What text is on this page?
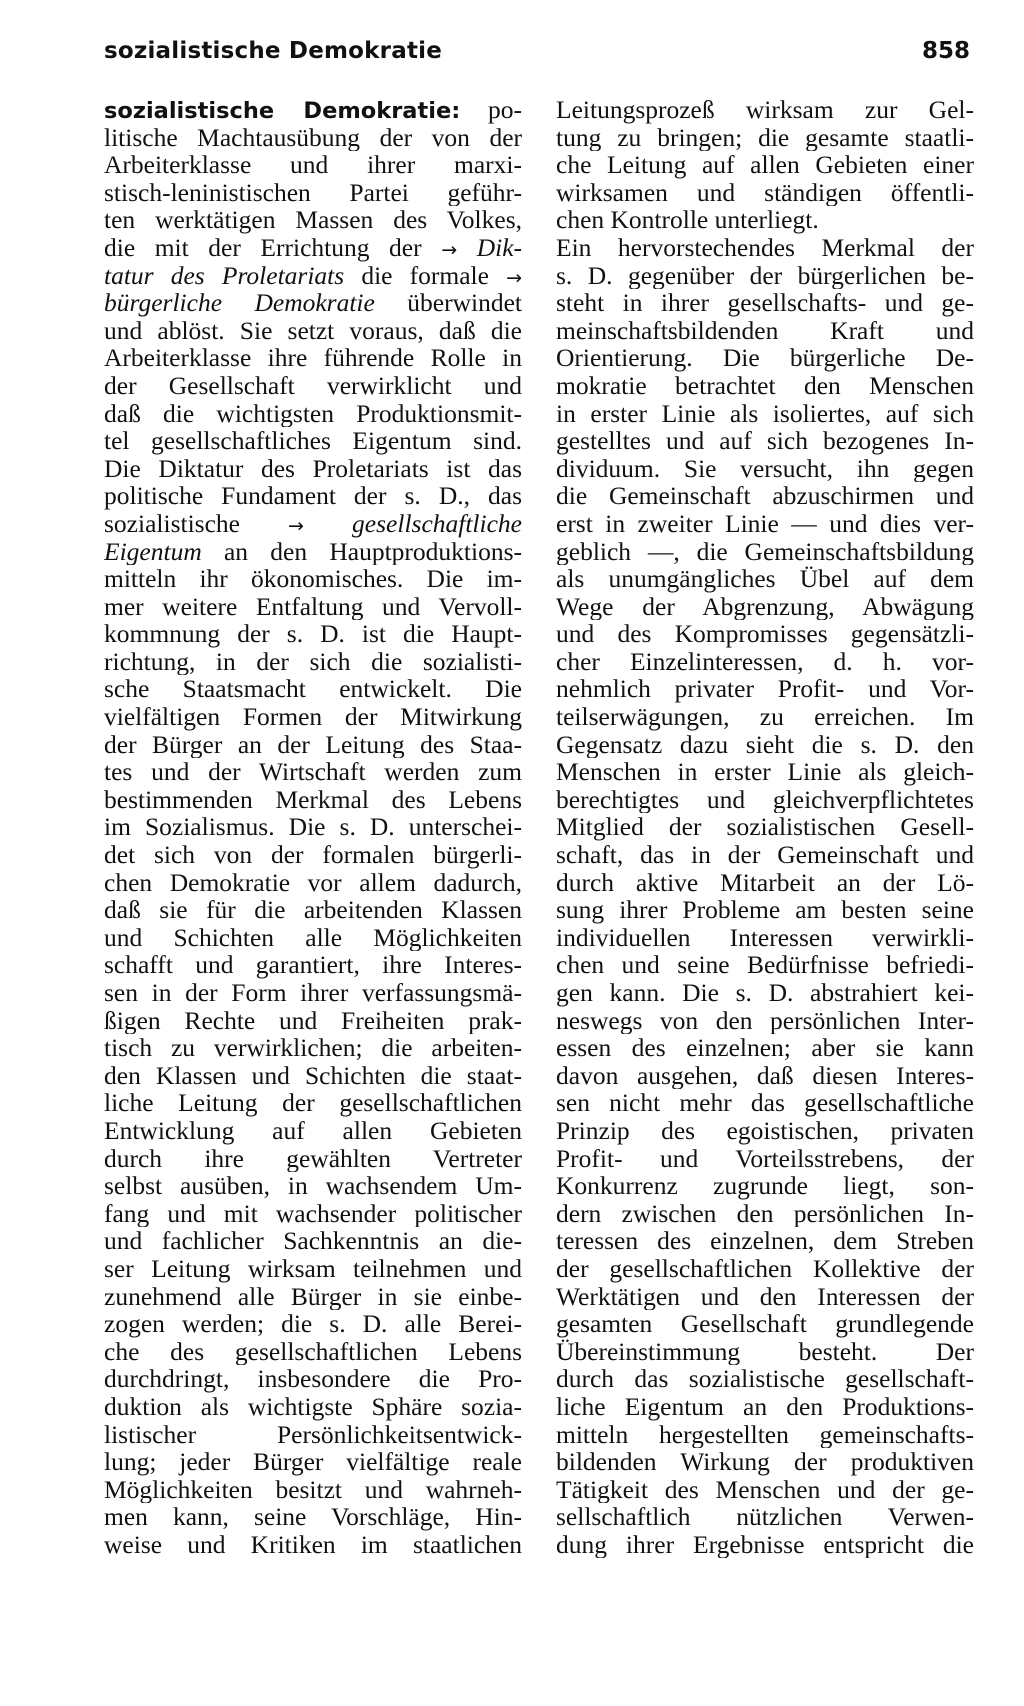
sozialistische Demokratie	858
sozialistische Demokratie: po-
litische Machtausübung der von der
Arbeiterklasse und ihrer marxi-
stisch-leninistischen Partei geführ-
ten werktätigen Massen des Volkes,
die mit der Errichtung der → Dik-
tatur des Proletariats die formale →
bürgerliche Demokratie überwindet
und ablöst. Sie setzt voraus, daß die
Arbeiterklasse ihre führende Rolle in
der Gesellschaft verwirklicht und
daß die wichtigsten Produktionsmit-
tel gesellschaftliches Eigentum sind.
Die Diktatur des Proletariats ist das
politische Fundament der s. D., das
sozialistische → gesellschaftliche
Eigentum an den Hauptproduktions-
mitteln ihr ökonomisches. Die im-
mer weitere Entfaltung und Vervoll-
kommnung der s. D. ist die Haupt-
richtung, in der sich die sozialisti-
sche Staatsmacht entwickelt. Die
vielfältigen Formen der Mitwirkung
der Bürger an der Leitung des Staa-
tes und der Wirtschaft werden zum
bestimmenden Merkmal des Lebens
im Sozialismus. Die s. D. unterschei-
det sich von der formalen bürgerli-
chen Demokratie vor allem dadurch,
daß sie für die arbeitenden Klassen
und Schichten alle Möglichkeiten
schafft und garantiert, ihre Interes-
sen in der Form ihrer verfassungsmä-
ßigen Rechte und Freiheiten prak-
tisch zu verwirklichen; die arbeiten-
den Klassen und Schichten die staat-
liche Leitung der gesellschaftlichen
Entwicklung auf allen Gebieten
durch ihre gewählten Vertreter
selbst ausüben, in wachsendem Um-
fang und mit wachsender politischer
und fachlicher Sachkenntnis an die-
ser Leitung wirksam teilnehmen und
zunehmend alle Bürger in sie einbe-
zogen werden; die s. D. alle Berei-
che des gesellschaftlichen Lebens
durchdringt, insbesondere die Pro-
duktion als wichtigste Sphäre sozia-
listischer Persönlichkeitsentwick-
lung; jeder Bürger vielfältige reale
Möglichkeiten besitzt und wahrneh-
men kann, seine Vorschläge, Hin-
weise und Kritiken im staatlichen
Leitungsprozeß wirksam zur Gel-
tung zu bringen; die gesamte staatli-
che Leitung auf allen Gebieten einer
wirksamen und ständigen öffentli-
chen Kontrolle unterliegt.
Ein hervorstechendes Merkmal der
s. D. gegenüber der bürgerlichen be-
steht in ihrer gesellschafts- und ge-
meinschaftsbildenden Kraft und
Orientierung. Die bürgerliche De-
mokratie betrachtet den Menschen
in erster Linie als isoliertes, auf sich
gestelltes und auf sich bezogenes In-
dividuum. Sie versucht, ihn gegen
die Gemeinschaft abzuschirmen und
erst in zweiter Linie — und dies ver-
geblich —, die Gemeinschaftsbildung
als unumgängliches Übel auf dem
Wege der Abgrenzung, Abwägung
und des Kompromisses gegensätzli-
cher Einzelinteressen, d. h. vor-
nehmlich privater Profit- und Vor-
teilserwägungen, zu erreichen. Im
Gegensatz dazu sieht die s. D. den
Menschen in erster Linie als gleich-
berechtigtes und gleichverpflichtetes
Mitglied der sozialistischen Gesell-
schaft, das in der Gemeinschaft und
durch aktive Mitarbeit an der Lö-
sung ihrer Probleme am besten seine
individuellen Interessen verwirkli-
chen und seine Bedürfnisse befriedi-
gen kann. Die s. D. abstrahiert kei-
neswegs von den persönlichen Inter-
essen des einzelnen; aber sie kann
davon ausgehen, daß diesen Interes-
sen nicht mehr das gesellschaftliche
Prinzip des egoistischen, privaten
Profit- und Vorteilsstrebens, der
Konkurrenz zugrunde liegt, son-
dern zwischen den persönlichen In-
teressen des einzelnen, dem Streben
der gesellschaftlichen Kollektive der
Werktätigen und den Interessen der
gesamten Gesellschaft grundlegende
Übereinstimmung besteht. Der
durch das sozialistische gesellschaft-
liche Eigentum an den Produktions-
mitteln hergestellten gemeinschafts-
bildenden Wirkung der produktiven
Tätigkeit des Menschen und der ge-
sellschaftlich nützlichen Verwen-
dung ihrer Ergebnisse entspricht die
